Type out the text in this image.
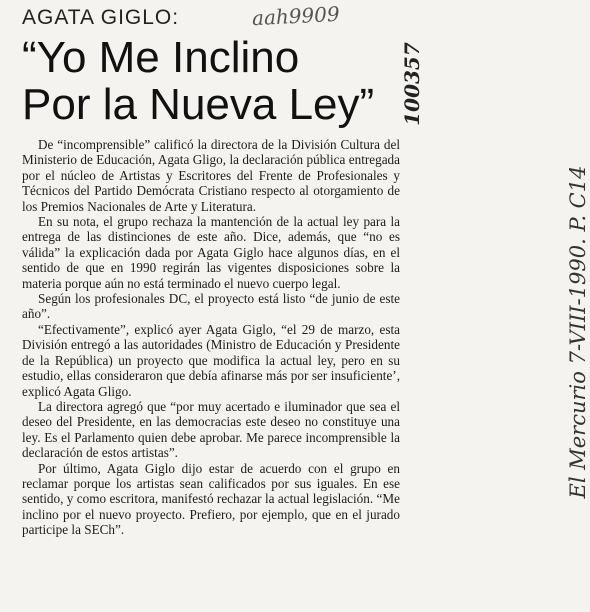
AGATA GIGLO:	aah9909
“Yo Me Inclino
Por la Nueva Ley”

De “incomprensible” calificó la directora de la División Cultura del Ministerio de Educación, Agata Gligo, la declaración pública entregada por el núcleo de Artistas y Escritores del Frente de Profesionales y Técnicos del Partido Demócrata Cristiano respecto al otorgamiento de los Premios Nacionales de Arte y Literatura.

En su nota, el grupo rechaza la mantención de la actual ley para la entrega de las distinciones de este año. Dice, además, que “no es válida” la explicación dada por Agata Giglo hace algunos días, en el sentido de que en 1990 regirán las vigentes disposiciones sobre la materia porque aún no está terminado el nuevo cuerpo legal.

Según los profesionales DC, el proyecto está listo “de junio de este año”.

“Efectivamente”, explicó ayer Agata Giglo, “el 29 de marzo, esta División entregó a las autoridades (Ministro de Educación y Presidente de la República) un proyecto que modifica la actual ley, pero en su estudio, ellas consideraron que debía afinarse más por ser insuficiente’, explicó Agata Gligo.

La directora agregó que “por muy acertado e iluminador que sea el deseo del Presidente, en las democracias este deseo no constituye una ley. Es el Parlamento quien debe aprobar. Me parece incomprensible la declaración de estos artistas”.

Por último, Agata Giglo dijo estar de acuerdo con el grupo en reclamar porque los artistas sean calificados por sus iguales. En ese sentido, y como escritora, manifestó rechazar la actual legislación. “Me inclino por el nuevo proyecto. Prefiero, por ejemplo, que en el jurado participe la SECh”.

100357
El Mercurio 7-VIII-1990. P. C14
